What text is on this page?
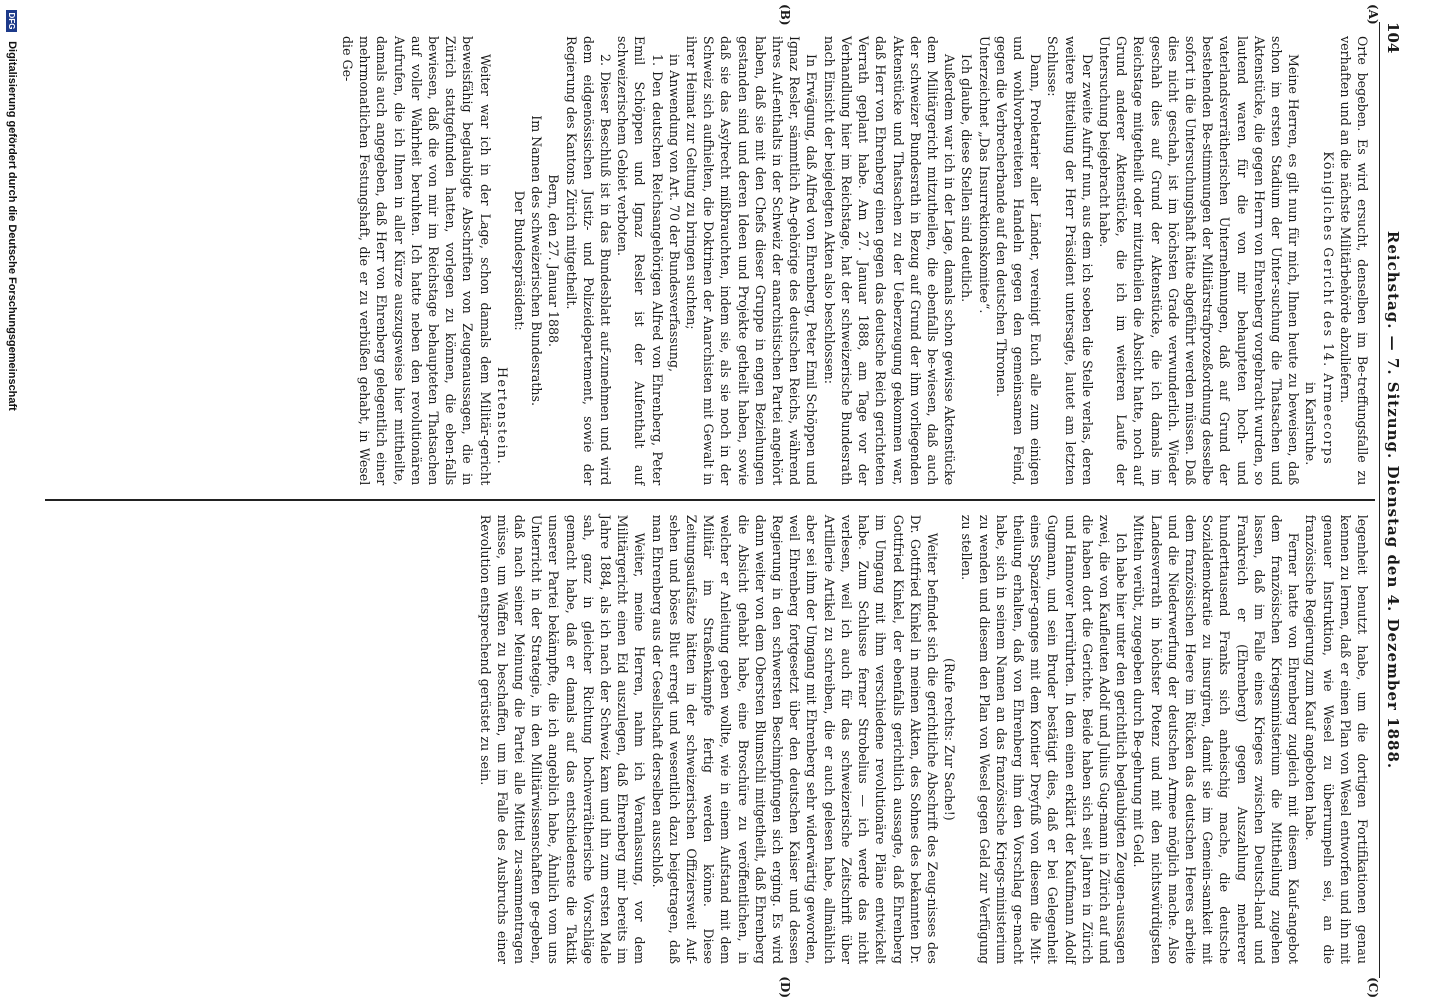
104
Reichstag. — 7. Sitzung. Dienstag den 4. Dezember 1888.
(A)
(B)
(C)
(D)

Orte begeben. Es wird ersucht, denselben im Be-treffungsfalle zu verhaften und an die nächste Militärbehörde abzuliefern.

Königliches Gericht des 14. Armeecorps

in Karlsruhe.

Meine Herren, es gilt nun für mich, Ihnen heute zu beweisen, daß schon im ersten Stadium der Unter-suchung die Thatsachen und Aktenstücke, die gegen Herrn von Ehrenberg vorgebracht wurden, so lautend waren für die von mir behaupteten hoch- und vaterlandsverrätherischen Unternehmungen, daß auf Grund der bestehenden Be-stimmungen der Militärstrafprozeßordnung desselbe sofort in die Untersuchungshaft hätte abgeführt werden müssen. Daß dies nicht geschah, ist im höchsten Grade verwunderlich. Wieder geschah dies auf Grund der Aktenstücke, die ich damals im Reichstage mitgetheilt oder mitzutheilen die Absicht hatte, noch auf Grund anderer Aktenstücke, die ich im weiteren Laufe der Untersuchung beigebracht habe.

Der zweite Aufruf nun, aus dem ich soeben die Stelle verlas, deren weitere Bitteilung der Herr Präsident untersagte, lautet am letzten Schlusse:

Dann, Proletarier aller Länder, vereinigt Euch alle zum einigen und wohlvorbereiteten Handeln gegen den gemeinsamen Feind, gegen die Verbrecherbande auf den deutschen Thronen.

Unterzeichnet „Das Insurrektionskomitee“.

Ich glaube, diese Stellen sind deutlich.

Außerdem war ich in der Lage, damals schon gewisse Aktenstücke dem Militärgericht mitzutheilen, die ebenfalls be-wiesen, daß auch der schweizer Bundesrath in Bezug auf Grund der ihm vorliegenden Aktenstücke und Thatsachen zu der Ueberzeugung gekommen war, daß Herr von Ehrenberg einen gegen das deutsche Reich gerichteten Verrath geplant habe. Am 27. Januar 1888, am Tage vor der Verhandlung hier im Reichstage, hat der schweizerische Bundesrath nach Einsicht der beigelegten Akten also beschlossen:

In Erwägung, daß Alfred von Ehrenberg, Peter Emil Schöppen und Ignaz Resler, sämmtlich An-gehörige des deutschen Reichs, während ihres Auf-enthalts in der Schweiz der anarchistischen Partei angehört haben, daß sie mit den Chefs dieser Gruppe in engen Beziehungen gestanden sind und deren Ideen und Projekte getheilt haben, sowie daß sie das Asylrecht mißbrauchten, indem sie, als sie noch in der Schweiz sich aufhielten, die Doktrinen der Anarchisten mit Gewalt in ihrer Heimat zur Geltung zu bringen suchten;

in Anwendung von Art. 70 der Bundesverfassung,

1. Den deutschen Reichsangehörigen Alfred von Ehrenberg, Peter Emil Schöppen und Ignaz Resler ist der Aufenthalt auf schweizerischem Gebiet verboten.

2. Dieser Beschluß ist in das Bundesblatt auf-zunehmen und wird dem eidgenössischen Justiz- und Polizeidepartement, sowie der Regierung des Kantons Zürich mitgetheilt.

Bern, den 27. Januar 1888.

Im Namen des schweizerischen Bundesraths.

Der Bundespräsident:

Hertenstein.

Weiter war ich in der Lage, schon damals dem Militär-gericht beweisfähig beglaubigte Abschriften von Zeugenaussagen, die in Zürich stattgefunden hatten, vorlegen zu können, die eben-falls bewiesen, daß die von mir im Reichstage behaupteten Thatsachen auf voller Wahrheit beruhten. Ich hatte neben den revolutionären Aufrufen, die ich Ihnen in aller Kürze auszugsweise hier mittheilte, damals auch angegeben, daß Herr von Ehrenberg gelegentlich einer mehrmonatlichen Festungshaft, die er zu verbüßen gehabt, in Wesel die Ge-

legenheit benutzt habe, um die dortigen Fortifikationen genau kennen zu lernen, daß er einen Plan von Wesel entworfen und ihn mit genauer Instruktion, wie Wesel zu überrumpeln sei, an die französische Regierung zum Kauf angeboten habe.

Ferner hatte von Ehrenberg zugleich mit diesem Kauf-angebot dem französischen Kriegsministerium die Mittheilung zugehen lassen, daß im Falle eines Krieges zwischen Deutsch-land und Frankreich er (Ehrenberg) gegen Auszahlung mehrerer hunderttausend Franks sich anheischig mache, die deutsche Sozialdemokratie zu insurgiren, damit sie im Gemein-samkeit mit dem französischen Heere im Rücken das deutschen Heeres arbeite und die Niederwerfung der deutschen Armee möglich mache. Also Landesverrath in höchster Potenz und mit den nichtswürdigsten Mitteln verübt, zugegeben durch Be-gehrung mit Geld.

Ich habe hier unter den gerichtlich beglaubigten Zeugen-aussagen zwei, die von Kaufleuten Adolf und Julius Gug-mann in Zürich auf und die haben dort die Gerichte. Beide haben sich seit Jahren in Zürich und Hannover herrührten. In dem einen erklärt der Kaufmann Adolf Gugmann, und sein Bruder bestätigt dies, daß er bei Gelegenheit eines Spazier-ganges mit dem Kontier Dreyfuß von diesem die Mit-theilung erhalten, daß von Ehrenberg ihm den Vorschlag ge-macht habe, sich in seinem Namen an das französische Kriegs-ministerium zu wenden und diesem den Plan von Wesel gegen Geld zur Verfügung zu stellen.

(Rufe rechts: Zur Sache!)

Weiter befindet sich die gerichtliche Abschrift des Zeug-nisses des Dr. Gottfried Kinkel in meinen Akten, des Sohnes des bekannten Dr. Gottfried Kinkel, der ebenfalls gerichtlich aussagte, daß Ehrenberg im Umgang mit ihm verschiedene revolutionäre Pläne entwickelt habe. Zum Schlusse ferner Strobelius — ich werde das nicht verlesen, weil ich auch für das schweizerische Zeitschrift über Artillerie Artikel zu schreiben, die er auch gelesen habe, allmählich aber sei ihm der Umgang mit Ehrenberg sehr widerwärtig geworden, weil Ehrenberg fortgesetzt über den deutschen Kaiser und dessen Regierung in den schwersten Beschimpfungen sich erging. Es wird dann weiter von dem Obersten Blumschli mitgetheilt, daß Ehrenberg die Absicht gehabt habe, eine Broschüre zu veröffentlichen, in welcher er Anleitung geben wollte, wie in einem Aufstand mit dem Militär im Straßenkampfe fertig werden könne. Diese Zeitungsaufsätze hätten in der schweizerischen Offiziersweit Auf-sehen und böses Blut erregt und wesentlich dazu beigetragen, daß man Ehrenberg aus der Gesellschaft derselben ausschloß.

Weiter, meine Herren, nahm ich Veranlassung, vor dem Militärgericht einen Eid auszulegen, daß Ehrenberg mir bereits im Jahre 1884, als ich nach der Schweiz kam und ihn zum ersten Male sah, ganz in gleicher Richtung hochverrätherische Vorschläge gemacht habe, daß er damals auf das entschiedenste die Taktik unserer Partei bekämpfte, die ich angeblich habe, Ähnlich vom uns Unterricht in der Strategie, in den Militärwissenschaften ge-geben, daß nach seiner Meinung die Partei alle Mittel zu-sammentragen müsse, um Waffen zu beschaffen, um im Falle des Ausbruchs einer Revolution entsprechend gerüstet zu sein.

DFG Digitalisierung gefördert durch die Deutsche Forschungsgemeinschaft
